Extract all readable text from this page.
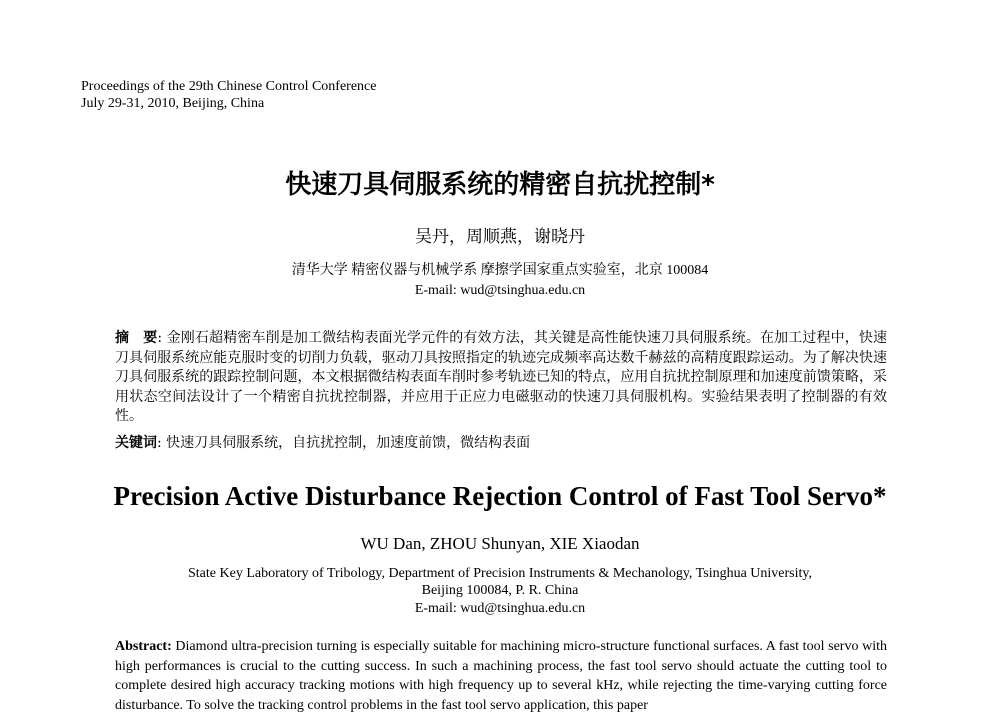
Proceedings of the 29th Chinese Control Conference
July 29-31, 2010, Beijing, China
快速刀具伺服系统的精密自抗扰控制*
吴丹，周顺燕，谢晓丹
清华大学 精密仪器与机械学系 摩擦学国家重点实验室，北京 100084
E-mail: wud@tsinghua.edu.cn
摘　要: 金刚石超精密车削是加工微结构表面光学元件的有效方法，其关键是高性能快速刀具伺服系统。在加工过程中，快速刀具伺服系统应能克服时变的切削力负载，驱动刀具按照指定的轨迹完成频率高达数千赫兹的高精度跟踪运动。为了解决快速刀具伺服系统的跟踪控制问题，本文根据微结构表面车削时参考轨迹已知的特点，应用自抗扰控制原理和加速度前馈策略，采用状态空间法设计了一个精密自抗扰控制器，并应用于正应力电磁驱动的快速刀具伺服机构。实验结果表明了控制器的有效性。
关键词: 快速刀具伺服系统，自抗扰控制，加速度前馈，微结构表面
Precision Active Disturbance Rejection Control of Fast Tool Servo*
WU Dan, ZHOU Shunyan, XIE Xiaodan
State Key Laboratory of Tribology, Department of Precision Instruments & Mechanology, Tsinghua University,
Beijing 100084, P. R. China
E-mail: wud@tsinghua.edu.cn
Abstract: Diamond ultra-precision turning is especially suitable for machining micro-structure functional surfaces. A fast tool servo with high performances is crucial to the cutting success. In such a machining process, the fast tool servo should actuate the cutting tool to complete desired high accuracy tracking motions with high frequency up to several kHz, while rejecting the time-varying cutting force disturbance. To solve the tracking control problems in the fast tool servo application, this paper
